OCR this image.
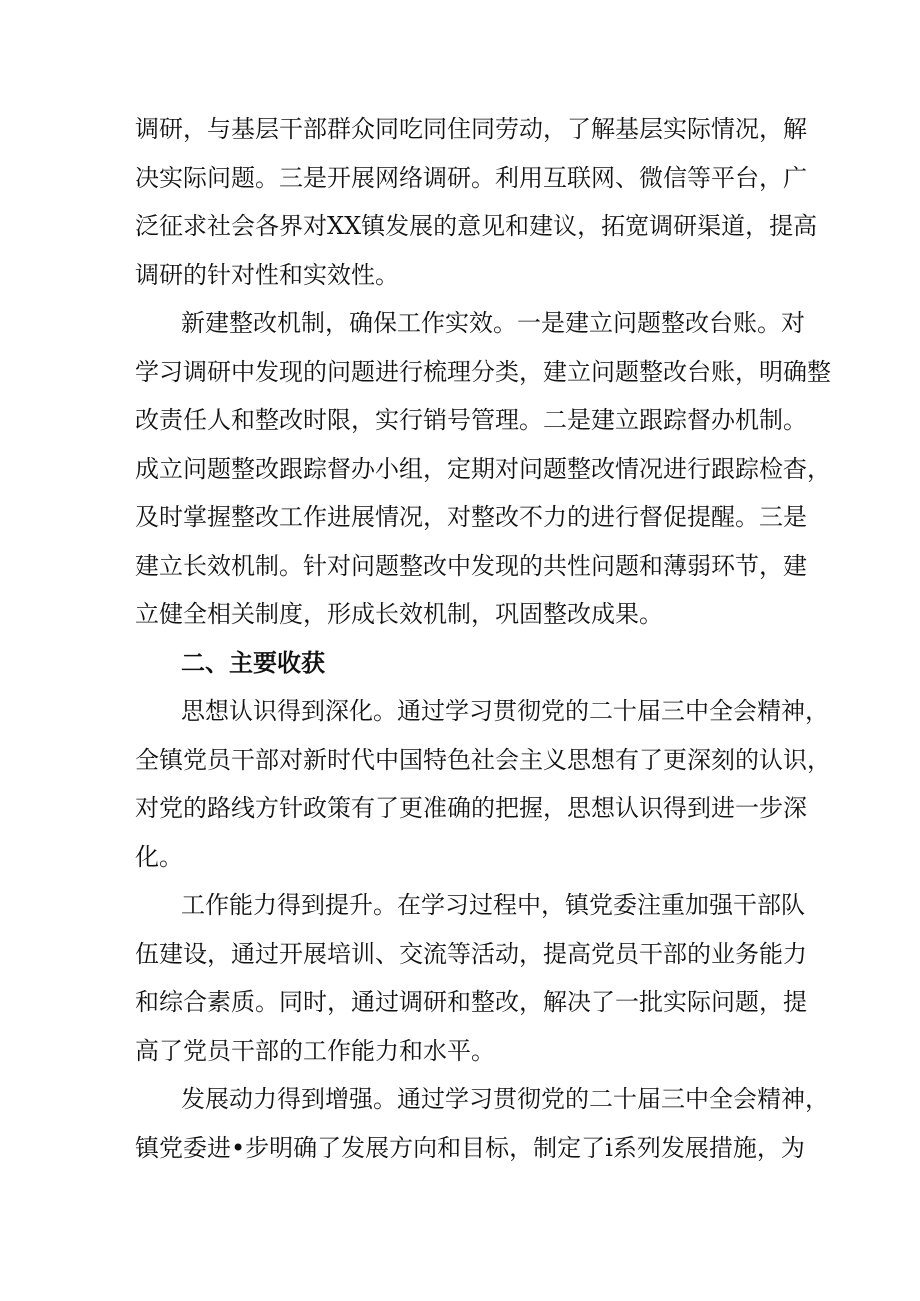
调研，与基层干部群众同吃同住同劳动，了解基层实际情况，解
决实际问题。三是开展网络调研。利用互联网、微信等平台，广
泛征求社会各界对XX镇发展的意见和建议，拓宽调研渠道，提高
调研的针对性和实效性。
新建整改机制，确保工作实效。一是建立问题整改台账。对
学习调研中发现的问题进行梳理分类，建立问题整改台账，明确整
改责任人和整改时限，实行销号管理。二是建立跟踪督办机制。
成立问题整改跟踪督办小组，定期对问题整改情况进行跟踪检杳，
及时掌握整改工作进展情况，对整改不力的进行督促提醒。三是
建立长效机制。针对问题整改中发现的共性问题和薄弱环节，建
立健全相关制度，形成长效机制，巩固整改成果。
二、主要收获
思想认识得到深化。通过学习贯彻党的二十届三中全会精神，
全镇党员干部对新时代中国特色社会主义思想有了更深刻的认识，
对党的路线方针政策有了更准确的把握，思想认识得到进一步深
化。
工作能力得到提升。在学习过程中，镇党委注重加强干部队
伍建设，通过开展培训、交流等活动，提高党员干部的业务能力
和综合素质。同时，通过调研和整改，解决了一批实际问题，提
高了党员干部的工作能力和水平。
发展动力得到增强。通过学习贯彻党的二十届三中全会精神，
镇党委进•步明确了发展方向和目标，制定了i系列发展措施，为
